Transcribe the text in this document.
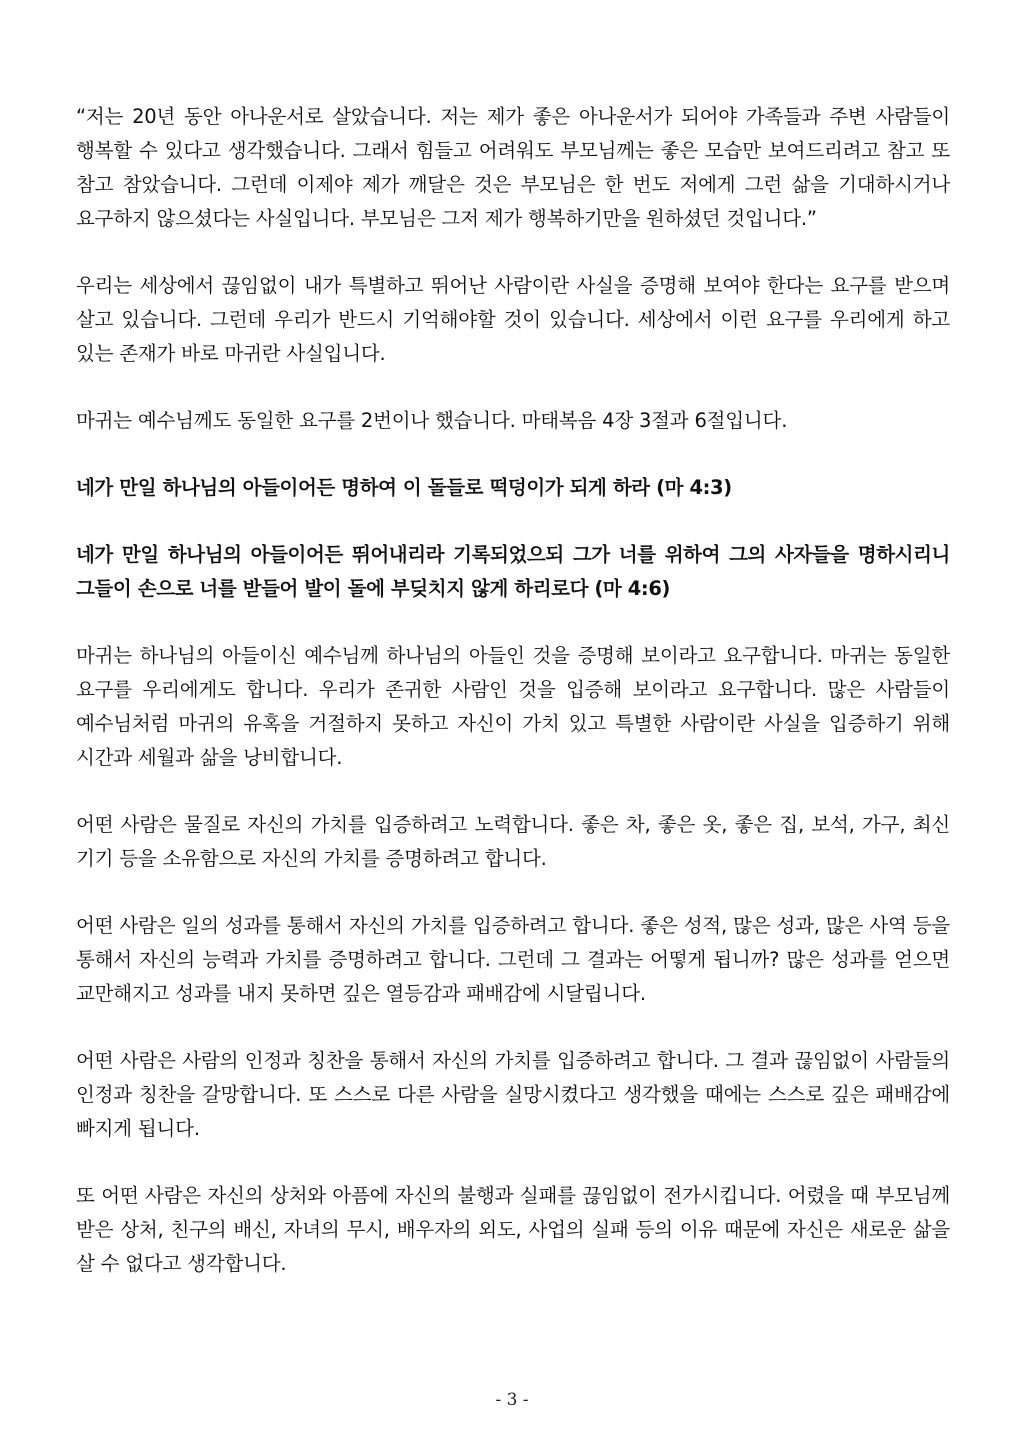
“저는 20년 동안 아나운서로 살았습니다. 저는 제가 좋은 아나운서가 되어야 가족들과 주변 사람들이 행복할 수 있다고 생각했습니다. 그래서 힘들고 어려워도 부모님께는 좋은 모습만 보여드리려고 참고 또 참고 참았습니다. 그런데 이제야 제가 깨달은 것은 부모님은 한 번도 저에게 그런 삶을 기대하시거나 요구하지 않으셨다는 사실입니다. 부모님은 그저 제가 행복하기만을 원하셨던 것입니다.”

우리는 세상에서 끊임없이 내가 특별하고 뛰어난 사람이란 사실을 증명해 보여야 한다는 요구를 받으며 살고 있습니다. 그런데 우리가 반드시 기억해야할 것이 있습니다. 세상에서 이런 요구를 우리에게 하고 있는 존재가 바로 마귀란 사실입니다.

마귀는 예수님께도 동일한 요구를 2번이나 했습니다. 마태복음 4장 3절과 6절입니다.

네가 만일 하나님의 아들이어든 명하여 이 돌들로 떡덩이가 되게 하라 (마 4:3)

네가 만일 하나님의 아들이어든 뛰어내리라 기록되었으되 그가 너를 위하여 그의 사자들을 명하시리니 그들이 손으로 너를 받들어 발이 돌에 부딪치지 않게 하리로다 (마 4:6)

마귀는 하나님의 아들이신 예수님께 하나님의 아들인 것을 증명해 보이라고 요구합니다. 마귀는 동일한 요구를 우리에게도 합니다. 우리가 존귀한 사람인 것을 입증해 보이라고 요구합니다. 많은 사람들이 예수님처럼 마귀의 유혹을 거절하지 못하고 자신이 가치 있고 특별한 사람이란 사실을 입증하기 위해 시간과 세월과 삶을 낭비합니다.

어떤 사람은 물질로 자신의 가치를 입증하려고 노력합니다. 좋은 차, 좋은 옷, 좋은 집, 보석, 가구, 최신 기기 등을 소유함으로 자신의 가치를 증명하려고 합니다.

어떤 사람은 일의 성과를 통해서 자신의 가치를 입증하려고 합니다. 좋은 성적, 많은 성과, 많은 사역 등을 통해서 자신의 능력과 가치를 증명하려고 합니다. 그런데 그 결과는 어떻게 됩니까? 많은 성과를 얻으면 교만해지고 성과를 내지 못하면 깊은 열등감과 패배감에 시달립니다.

어떤 사람은 사람의 인정과 칭찬을 통해서 자신의 가치를 입증하려고 합니다. 그 결과 끊임없이 사람들의 인정과 칭찬을 갈망합니다. 또 스스로 다른 사람을 실망시켰다고 생각했을 때에는 스스로 깊은 패배감에 빠지게 됩니다.

또 어떤 사람은 자신의 상처와 아픔에 자신의 불행과 실패를 끊임없이 전가시킵니다. 어렸을 때 부모님께 받은 상처, 친구의 배신, 자녀의 무시, 배우자의 외도, 사업의 실패 등의 이유 때문에 자신은 새로운 삶을 살 수 없다고 생각합니다.

- 3 -
